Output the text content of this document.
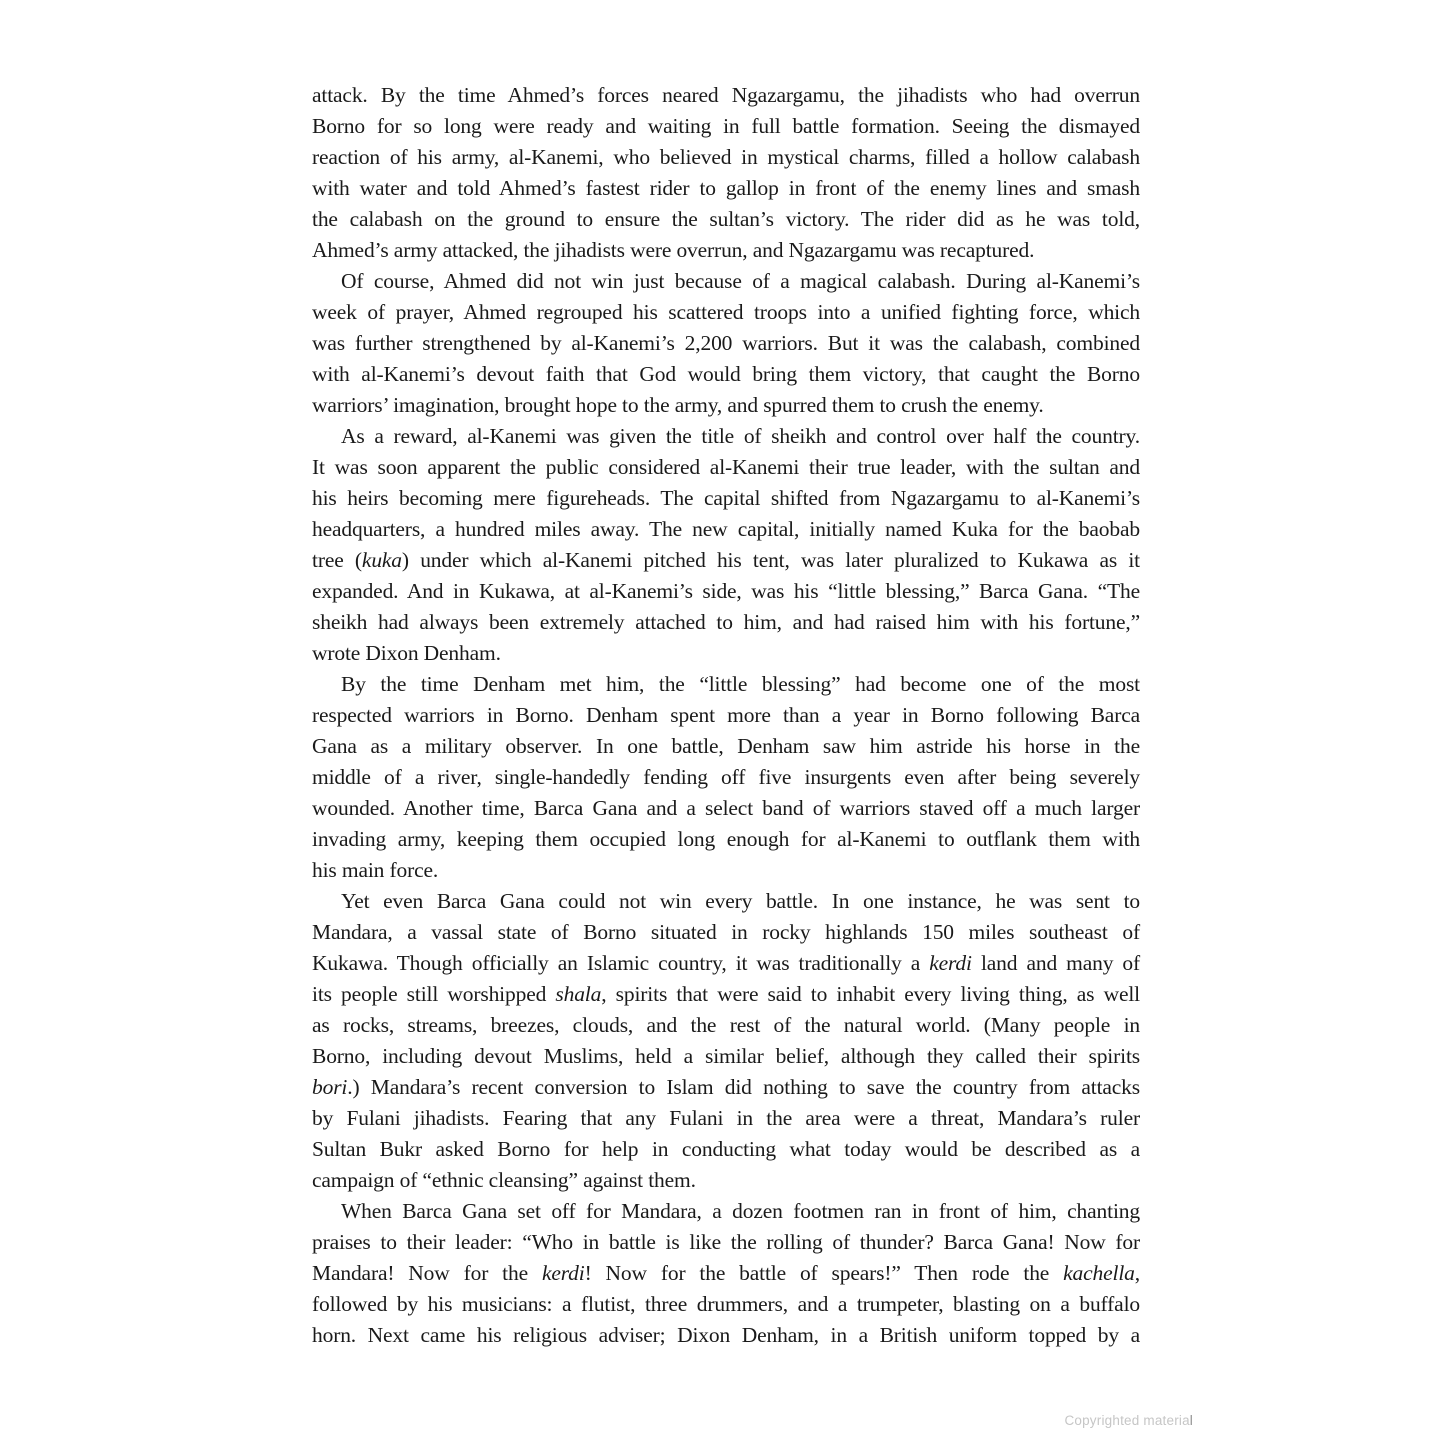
attack. By the time Ahmed’s forces neared Ngazargamu, the jihadists who had overrun
Borno for so long were ready and waiting in full battle formation. Seeing the dismayed
reaction of his army, al-Kanemi, who believed in mystical charms, filled a hollow calabash
with water and told Ahmed’s fastest rider to gallop in front of the enemy lines and smash
the calabash on the ground to ensure the sultan’s victory. The rider did as he was told,
Ahmed’s army attacked, the jihadists were overrun, and Ngazargamu was recaptured.
Of course, Ahmed did not win just because of a magical calabash. During al-Kanemi’s
week of prayer, Ahmed regrouped his scattered troops into a unified fighting force, which
was further strengthened by al-Kanemi’s 2,200 warriors. But it was the calabash, combined
with al-Kanemi’s devout faith that God would bring them victory, that caught the Borno
warriors’ imagination, brought hope to the army, and spurred them to crush the enemy.
As a reward, al-Kanemi was given the title of sheikh and control over half the country.
It was soon apparent the public considered al-Kanemi their true leader, with the sultan and
his heirs becoming mere figureheads. The capital shifted from Ngazargamu to al-Kanemi’s
headquarters, a hundred miles away. The new capital, initially named Kuka for the baobab
tree (kuka) under which al-Kanemi pitched his tent, was later pluralized to Kukawa as it
expanded. And in Kukawa, at al-Kanemi’s side, was his “little blessing,” Barca Gana. “The
sheikh had always been extremely attached to him, and had raised him with his fortune,”
wrote Dixon Denham.
By the time Denham met him, the “little blessing” had become one of the most
respected warriors in Borno. Denham spent more than a year in Borno following Barca
Gana as a military observer. In one battle, Denham saw him astride his horse in the
middle of a river, single-handedly fending off five insurgents even after being severely
wounded. Another time, Barca Gana and a select band of warriors staved off a much larger
invading army, keeping them occupied long enough for al-Kanemi to outflank them with
his main force.
Yet even Barca Gana could not win every battle. In one instance, he was sent to
Mandara, a vassal state of Borno situated in rocky highlands 150 miles southeast of
Kukawa. Though officially an Islamic country, it was traditionally a kerdi land and many of
its people still worshipped shala, spirits that were said to inhabit every living thing, as well
as rocks, streams, breezes, clouds, and the rest of the natural world. (Many people in
Borno, including devout Muslims, held a similar belief, although they called their spirits
bori.) Mandara’s recent conversion to Islam did nothing to save the country from attacks
by Fulani jihadists. Fearing that any Fulani in the area were a threat, Mandara’s ruler
Sultan Bukr asked Borno for help in conducting what today would be described as a
campaign of “ethnic cleansing” against them.
When Barca Gana set off for Mandara, a dozen footmen ran in front of him, chanting
praises to their leader: “Who in battle is like the rolling of thunder? Barca Gana! Now for
Mandara! Now for the kerdi! Now for the battle of spears!” Then rode the kachella,
followed by his musicians: a flutist, three drummers, and a trumpeter, blasting on a buffalo
horn. Next came his religious adviser; Dixon Denham, in a British uniform topped by a
Copyrighted material
